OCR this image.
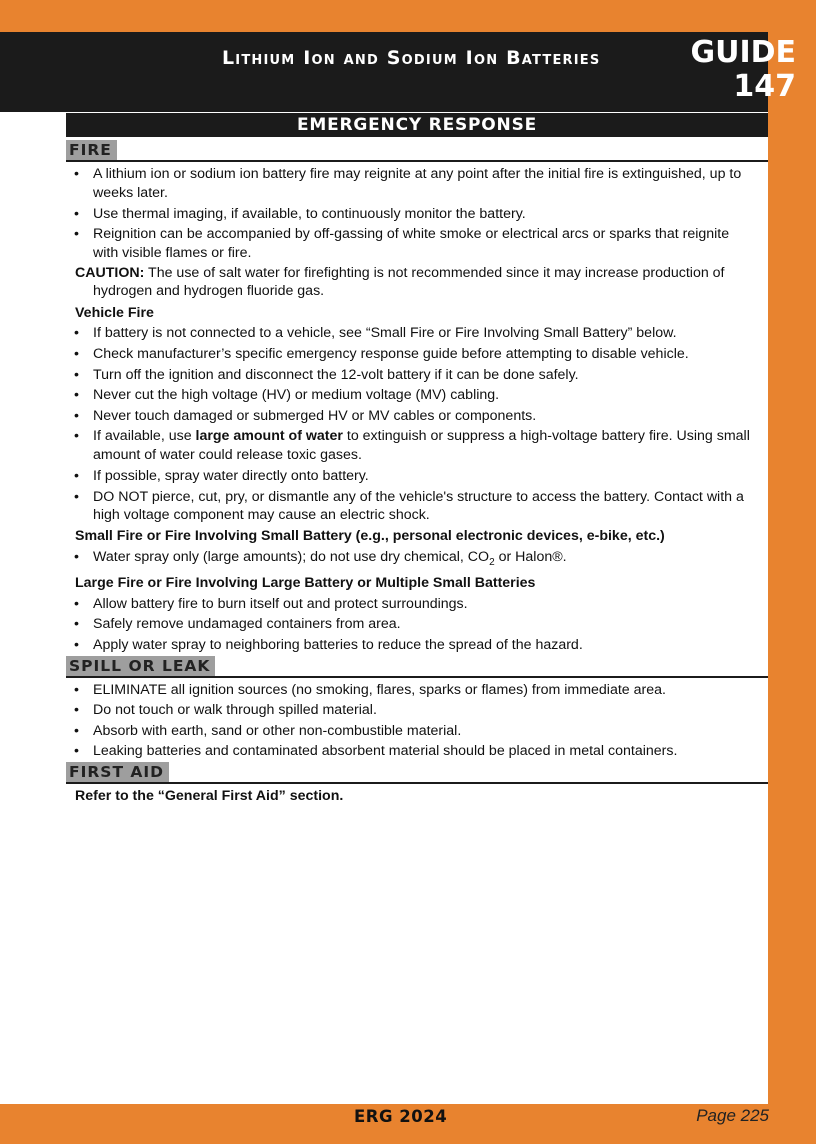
Lithium Ion and Sodium Ion Batteries	GUIDE
147
EMERGENCY RESPONSE
FIRE
• A lithium ion or sodium ion battery fire may reignite at any point after the initial fire is extinguished, up to
weeks later.
• Use thermal imaging, if available, to continuously monitor the battery.
• Reignition can be accompanied by off-gassing of white smoke or electrical arcs or sparks that reignite
with visible flames or fire.
CAUTION: The use of salt water for firefighting is not recommended since it may increase production of
hydrogen and hydrogen fluoride gas.
Vehicle Fire
• If battery is not connected to a vehicle, see “Small Fire or Fire Involving Small Battery” below.
• Check manufacturer’s specific emergency response guide before attempting to disable vehicle.
• Turn off the ignition and disconnect the 12-volt battery if it can be done safely.
• Never cut the high voltage (HV) or medium voltage (MV) cabling.
• Never touch damaged or submerged HV or MV cables or components.
• If available, use large amount of water to extinguish or suppress a high-voltage battery fire. Using small
amount of water could release toxic gases.
• If possible, spray water directly onto battery.
• DO NOT pierce, cut, pry, or dismantle any of the vehicle's structure to access the battery. Contact with a
high voltage component may cause an electric shock.
Small Fire or Fire Involving Small Battery (e.g., personal electronic devices, e-bike, etc.)
• Water spray only (large amounts); do not use dry chemical, $CO_2$ or Halon®.
Large Fire or Fire Involving Large Battery or Multiple Small Batteries
• Allow battery fire to burn itself out and protect surroundings.
• Safely remove undamaged containers from area.
• Apply water spray to neighboring batteries to reduce the spread of the hazard.
SPILL OR LEAK
• ELIMINATE all ignition sources (no smoking, flares, sparks or flames) from immediate area.
• Do not touch or walk through spilled material.
• Absorb with earth, sand or other non-combustible material.
• Leaking batteries and contaminated absorbent material should be placed in metal containers.
FIRST AID
Refer to the “General First Aid” section.
ERG 2024	Page 225
